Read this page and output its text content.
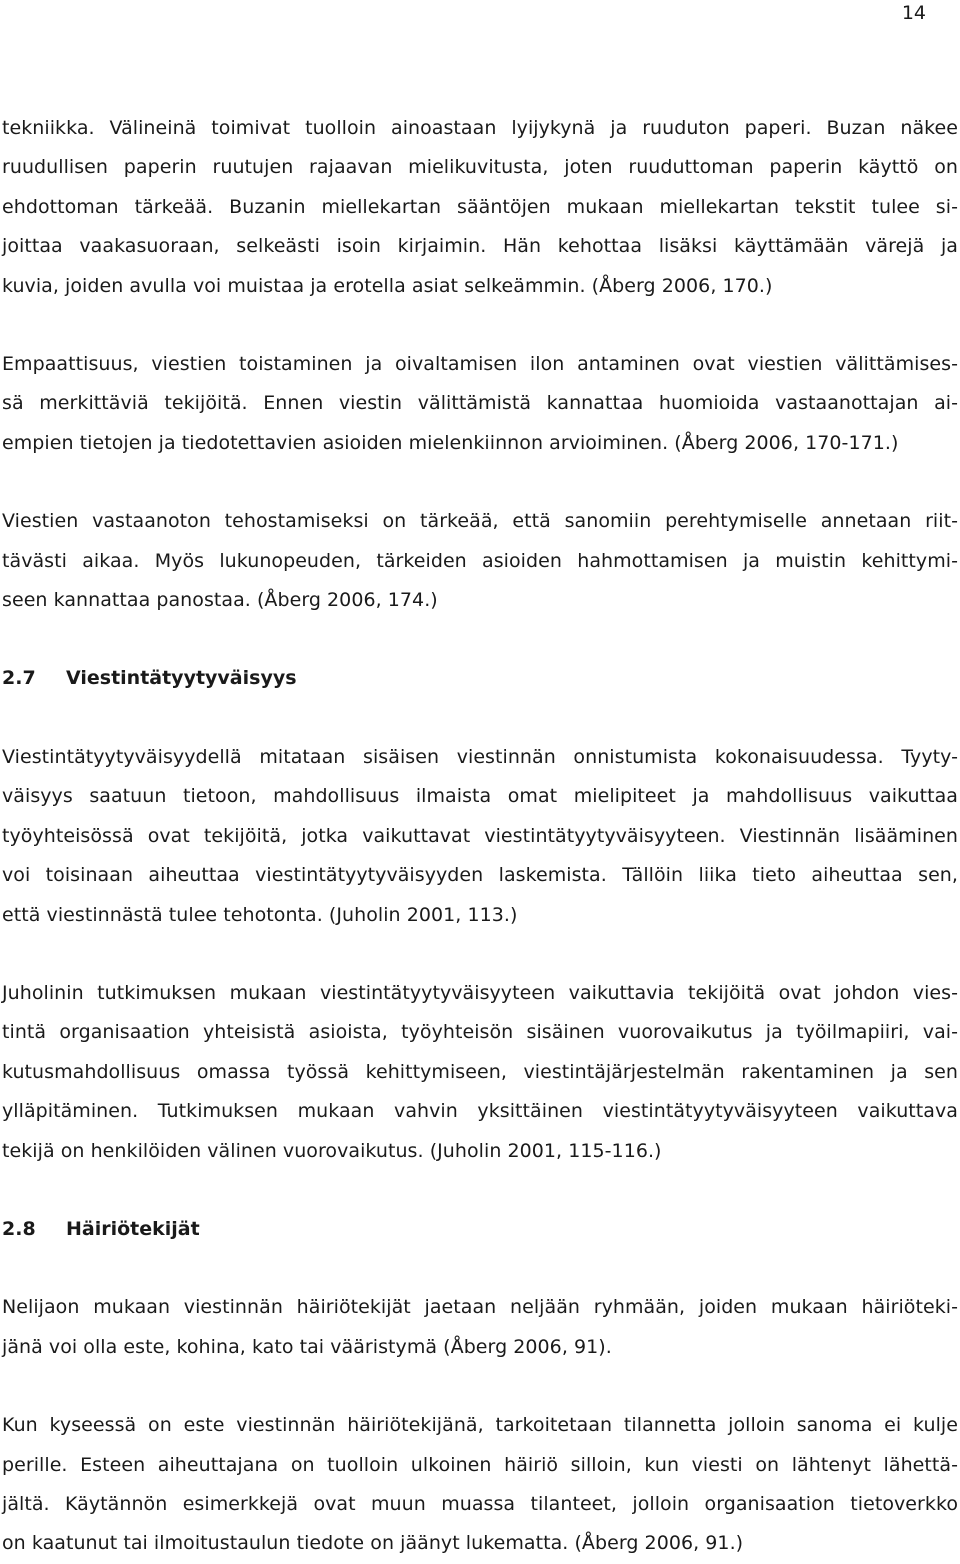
14

tekniikka. Välineinä toimivat tuolloin ainoastaan lyijykynä ja ruuduton paperi. Buzan näkee
ruudullisen paperin ruutujen rajaavan mielikuvitusta, joten ruuduttoman paperin käyttö on
ehdottoman tärkeää. Buzanin miellekartan sääntöjen mukaan miellekartan tekstit tulee si-
joittaa vaakasuoraan, selkeästi isoin kirjaimin. Hän kehottaa lisäksi käyttämään värejä ja
kuvia, joiden avulla voi muistaa ja erotella asiat selkeämmin. (Åberg 2006, 170.)

Empaattisuus, viestien toistaminen ja oivaltamisen ilon antaminen ovat viestien välittämises-
sä merkittäviä tekijöitä. Ennen viestin välittämistä kannattaa huomioida vastaanottajan ai-
empien tietojen ja tiedotettavien asioiden mielenkiinnon arvioiminen. (Åberg 2006, 170-171.)

Viestien vastaanoton tehostamiseksi on tärkeää, että sanomiin perehtymiselle annetaan riit-
tävästi aikaa. Myös lukunopeuden, tärkeiden asioiden hahmottamisen ja muistin kehittymi-
seen kannattaa panostaa. (Åberg 2006, 174.)

2.7 Viestintätyytyväisyys

Viestintätyytyväisyydellä mitataan sisäisen viestinnän onnistumista kokonaisuudessa. Tyyty-
väisyys saatuun tietoon, mahdollisuus ilmaista omat mielipiteet ja mahdollisuus vaikuttaa
työyhteisössä ovat tekijöitä, jotka vaikuttavat viestintätyytyväisyyteen. Viestinnän lisääminen
voi toisinaan aiheuttaa viestintätyytyväisyyden laskemista. Tällöin liika tieto aiheuttaa sen,
että viestinnästä tulee tehotonta. (Juholin 2001, 113.)

Juholinin tutkimuksen mukaan viestintätyytyväisyyteen vaikuttavia tekijöitä ovat johdon vies-
tintä organisaation yhteisistä asioista, työyhteisön sisäinen vuorovaikutus ja työilmapiiri, vai-
kutusmahdollisuus omassa työssä kehittymiseen, viestintäjärjestelmän rakentaminen ja sen
ylläpitäminen. Tutkimuksen mukaan vahvin yksittäinen viestintätyytyväisyyteen vaikuttava
tekijä on henkilöiden välinen vuorovaikutus. (Juholin 2001, 115-116.)

2.8 Häiriötekijät

Nelijaon mukaan viestinnän häiriötekijät jaetaan neljään ryhmään, joiden mukaan häiriöteki-
jänä voi olla este, kohina, kato tai vääristymä (Åberg 2006, 91).

Kun kyseessä on este viestinnän häiriötekijänä, tarkoitetaan tilannetta jolloin sanoma ei kulje
perille. Esteen aiheuttajana on tuolloin ulkoinen häiriö silloin, kun viesti on lähtenyt lähettä-
jältä. Käytännön esimerkkejä ovat muun muassa tilanteet, jolloin organisaation tietoverkko
on kaatunut tai ilmoitustaulun tiedote on jäänyt lukematta. (Åberg 2006, 91.)
